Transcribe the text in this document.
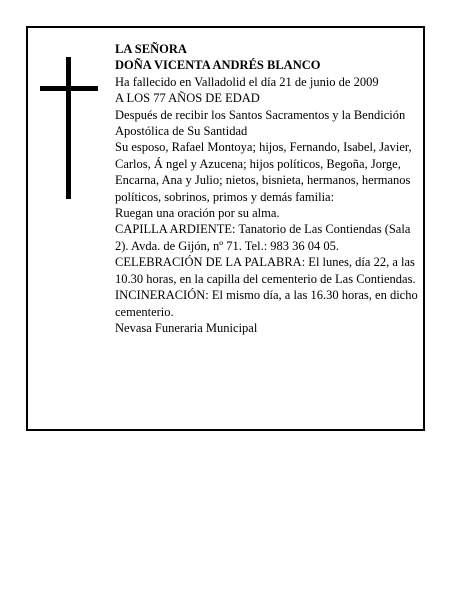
LA SEÑORA

DOÑA VICENTA ANDRÉS BLANCO

Ha fallecido en Valladolid el día 21 de junio de 2009

A LOS 77 AÑOS DE EDAD

Después de recibir los Santos Sacramentos y la Bendición Apostólica de Su Santidad

Su esposo, Rafael Montoya; hijos, Fernando, Isabel, Javier, Carlos, Á ngel y Azucena; hijos políticos, Begoña, Jorge, Encarna, Ana y Julio; nietos, bisnieta, hermanos, hermanos políticos, sobrinos, primos y demás familia:

Ruegan una oración por su alma.

CAPILLA ARDIENTE: Tanatorio de Las Contiendas (Sala 2). Avda. de Gijón, nº 71. Tel.: 983 36 04 05.

CELEBRACIÓN DE LA PALABRA: El lunes, día 22, a las 10.30 horas, en la capilla del cementerio de Las Contiendas.

INCINERACIÓN: El mismo día, a las 16.30 horas, en dicho cementerio.

Nevasa Funeraria Municipal
